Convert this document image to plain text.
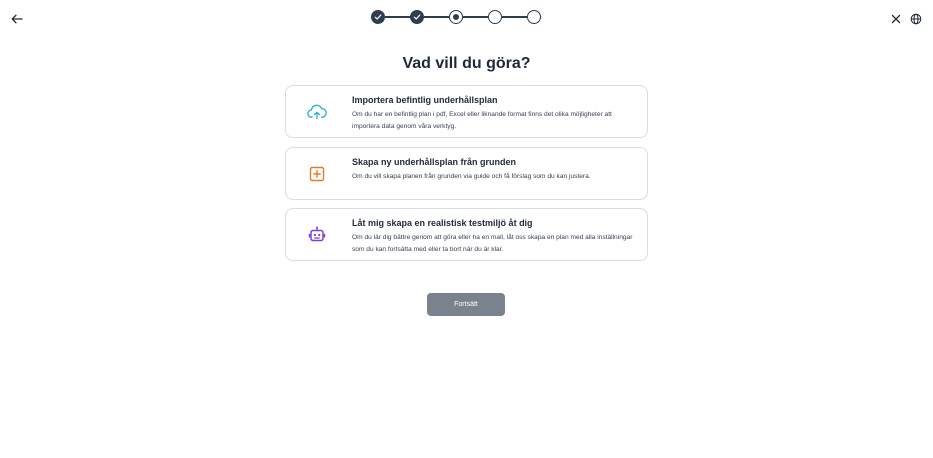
Vad vill du göra?
Importera befintlig underhållsplan
Om du har en befintlig plan i pdf, Excel eller liknande format finns det olika möjligheter att importera data genom våra verktyg.
Skapa ny underhållsplan från grunden
Om du vill skapa planen från grunden via guide och få förslag som du kan justera.
Låt mig skapa en realistisk testmiljö åt dig
Om du lär dig bättre genom att göra eller ha en mall, låt oss skapa en plan med alla inställningar som du kan fortsätta med eller ta bort när du är klar.
Fortsätt
